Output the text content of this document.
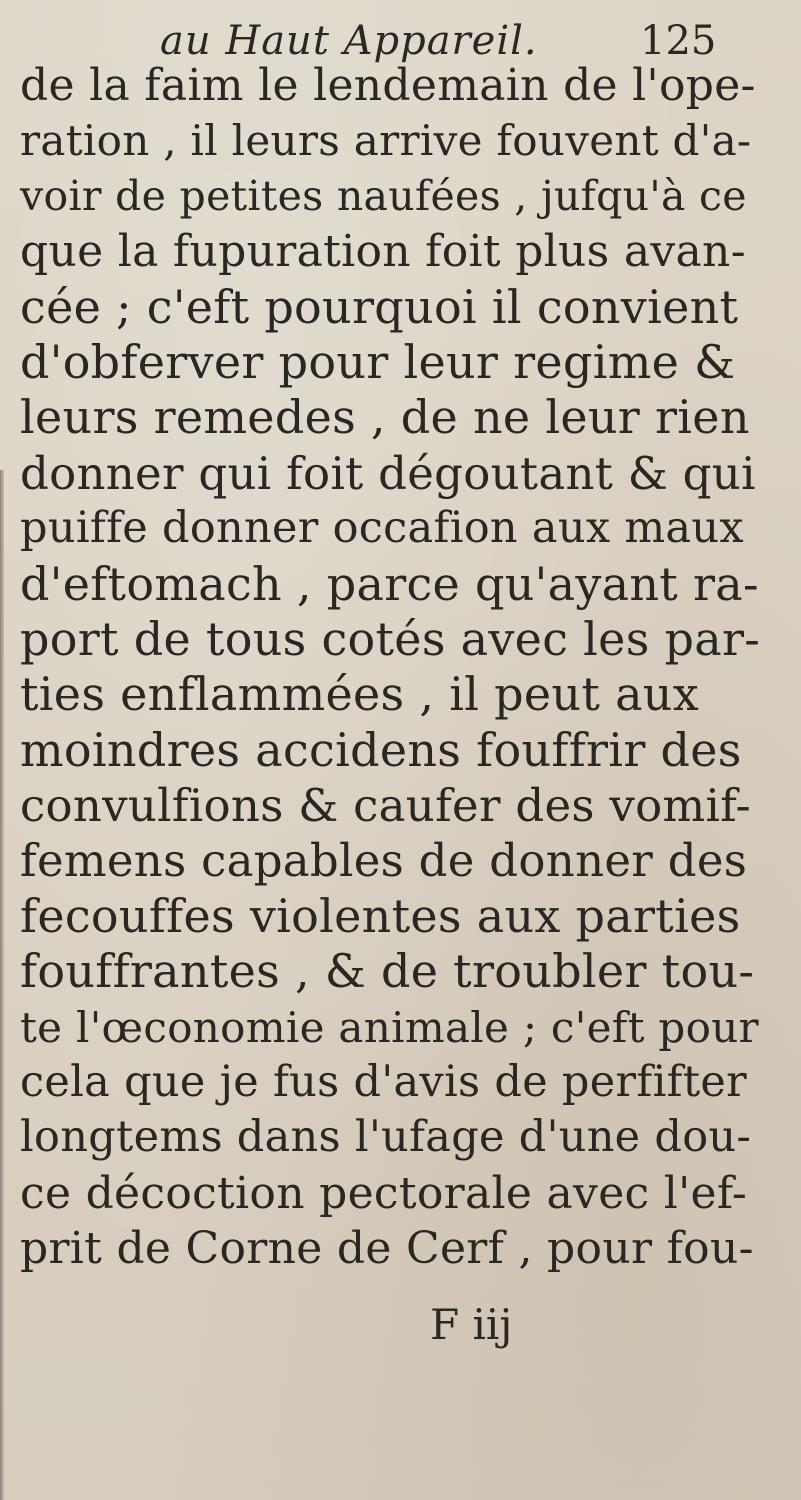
au Haut Appareil.	125
de la faim le lendemain de l'ope-
ration , il leurs arrive fouvent d'a-
voir de petites naufées , jufqu'à ce
que la fupuration foit plus avan-
cée ; c'eft pourquoi il convient
d'obferver pour leur regime &
leurs remedes , de ne leur rien
donner qui foit dégoutant & qui
puiffe donner occafion aux maux
d'eftomach , parce qu'ayant ra-
port de tous cotés avec les par-
ties enflammées , il peut aux
moindres accidens fouffrir des
convulfions & caufer des vomif-
femens capables de donner des
fecouffes violentes aux parties
fouffrantes , & de troubler tou-
te l'œconomie animale ; c'eft pour
cela que je fus d'avis de perfifter
longtems dans l'ufage d'une dou-
ce décoction pectorale avec l'ef-
prit de Corne de Cerf , pour fou-
F iij
